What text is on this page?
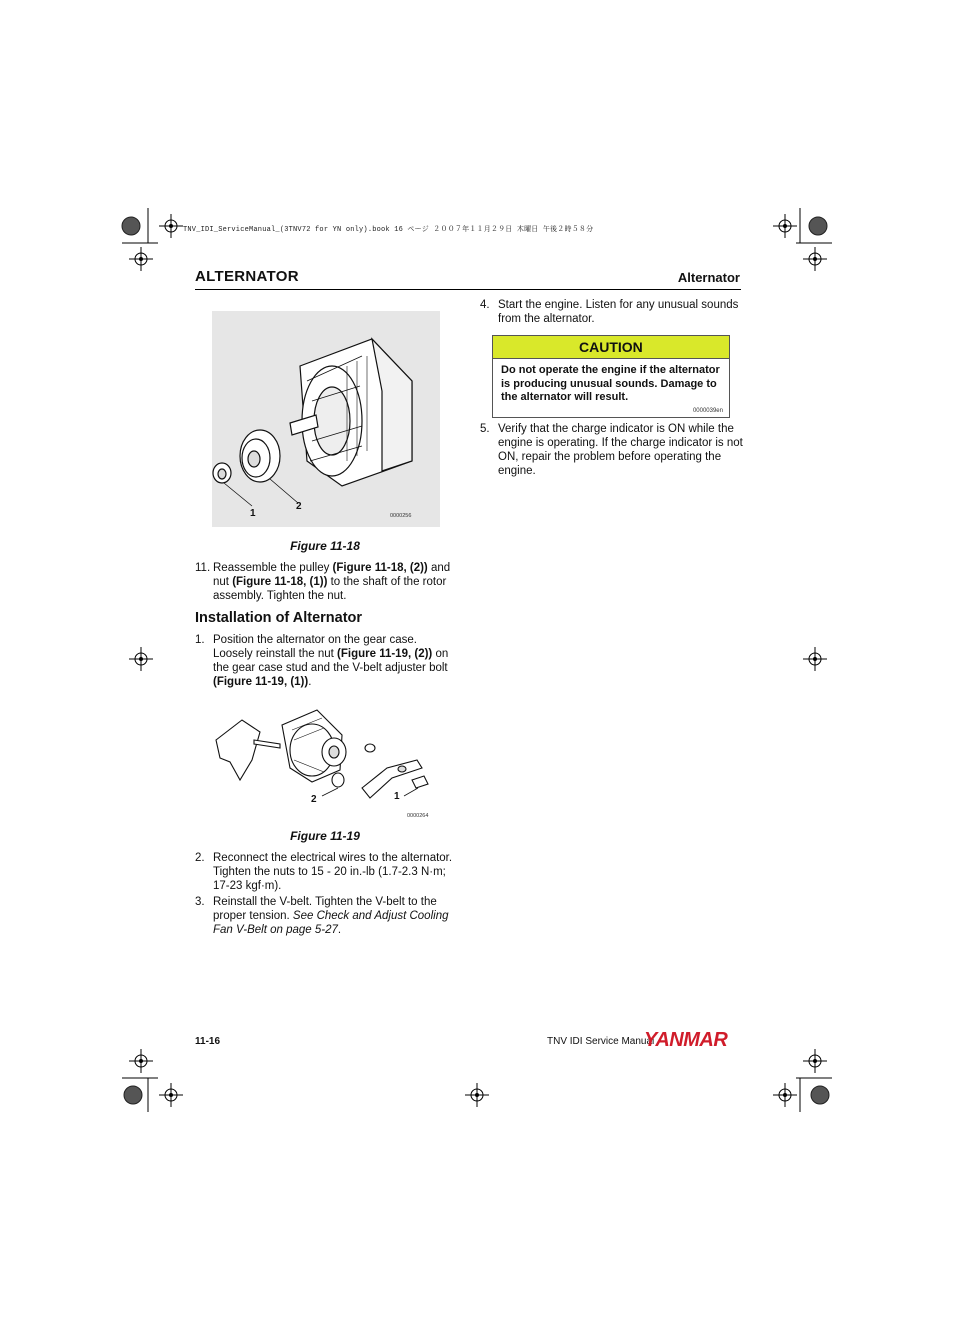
TNV_IDI_ServiceManual_(3TNV72 for YN only).book 16 ページ ２００７年１１月２９日 木曜日 午後２時５８分
ALTERNATOR	Alternator
1
2
0000256
Figure 11-18
11. Reassemble the pulley (Figure 11-18, (2)) and nut (Figure 11-18, (1)) to the shaft of the rotor assembly. Tighten the nut.
Installation of Alternator
1. Position the alternator on the gear case. Loosely reinstall the nut (Figure 11-19, (2)) on the gear case stud and the V-belt adjuster bolt (Figure 11-19, (1)).
2	1
0000264
Figure 11-19
2. Reconnect the electrical wires to the alternator. Tighten the nuts to 15 - 20 in.-lb (1.7-2.3 N·m; 17-23 kgf·m).
3. Reinstall the V-belt. Tighten the V-belt to the proper tension. See Check and Adjust Cooling Fan V-Belt on page 5-27.
4. Start the engine. Listen for any unusual sounds from the alternator.
CAUTION
Do not operate the engine if the alternator is producing unusual sounds. Damage to the alternator will result.
0000039en
5. Verify that the charge indicator is ON while the engine is operating. If the charge indicator is not ON, repair the problem before operating the engine.
11-16	TNV IDI Service Manual
YANMAR
